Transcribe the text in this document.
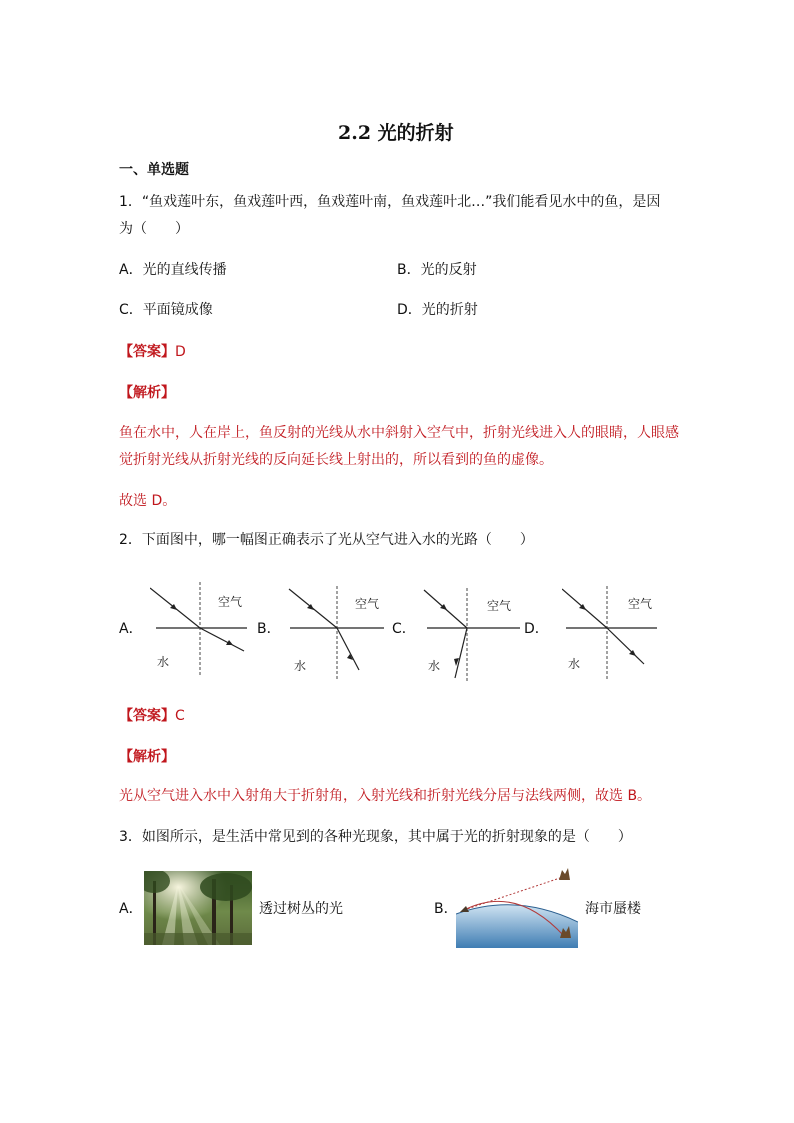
2.2 光的折射
一、单选题
1．“鱼戏莲叶东，鱼戏莲叶西，鱼戏莲叶南，鱼戏莲叶北…”我们能看见水中的鱼，是因
为（　　）
A．光的直线传播	B．光的反射
C．平面镜成像	D．光的折射
【答案】D
【解析】
鱼在水中，人在岸上，鱼反射的光线从水中斜射入空气中，折射光线进入人的眼睛，人眼感
觉折射光线从折射光线的反向延长线上射出的，所以看到的鱼的虚像。
故选 D。
2．下面图中，哪一幅图正确表示了光从空气进入水的光路（　　）
A．
空气
水
B．
空气
水
C．
空气
水
D．
空气
水
【答案】C
【解析】
光从空气进入水中入射角大于折射角，入射光线和折射光线分居与法线两侧，故选 B。
3．如图所示，是生活中常见到的各种光现象，其中属于光的折射现象的是（　　）
A．	透过树丛的光	B．	海市蜃楼
